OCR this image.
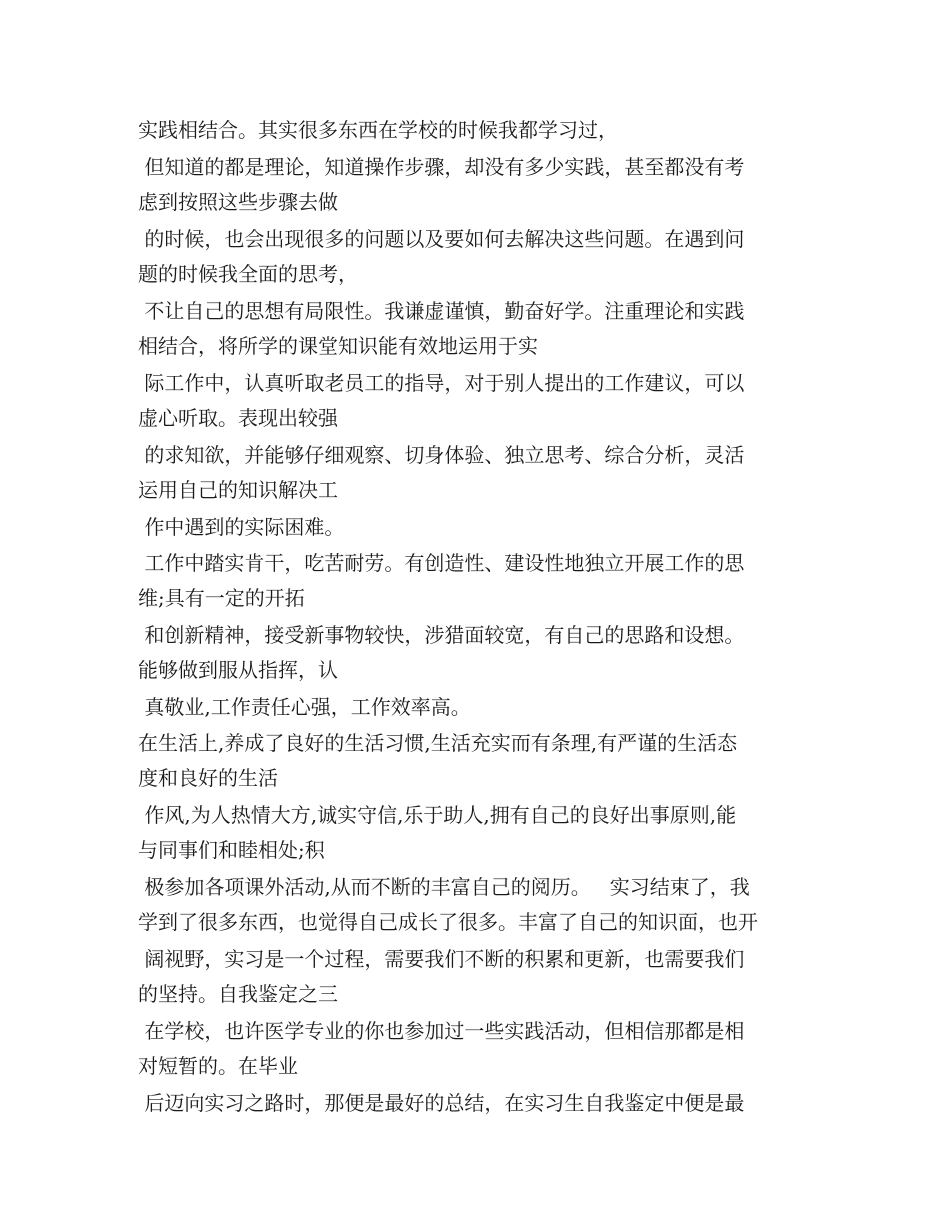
实践相结合。其实很多东西在学校的时候我都学习过，

但知道的都是理论，知道操作步骤，却没有多少实践，甚至都没有考

虑到按照这些步骤去做

的时候，也会出现很多的问题以及要如何去解决这些问题。在遇到问

题的时候我全面的思考，

不让自己的思想有局限性。我谦虚谨慎，勤奋好学。注重理论和实践

相结合，将所学的课堂知识能有效地运用于实

际工作中，认真听取老员工的指导，对于别人提出的工作建议，可以

虚心听取。表现出较强

的求知欲，并能够仔细观察、切身体验、独立思考、综合分析，灵活

运用自己的知识解决工

作中遇到的实际困难。

工作中踏实肯干，吃苦耐劳。有创造性、建设性地独立开展工作的思

维;具有一定的开拓

和创新精神，接受新事物较快，涉猎面较宽，有自己的思路和设想。

能够做到服从指挥，认

真敬业,工作责任心强，工作效率高。

在生活上,养成了良好的生活习惯,生活充实而有条理,有严谨的生活态

度和良好的生活

作风,为人热情大方,诚实守信,乐于助人,拥有自己的良好出事原则,能

与同事们和睦相处;积

极参加各项课外活动,从而不断的丰富自己的阅历。   实习结束了，我

学到了很多东西，也觉得自己成长了很多。丰富了自己的知识面，也开

阔视野，实习是一个过程，需要我们不断的积累和更新，也需要我们

的坚持。自我鉴定之三

在学校，也许医学专业的你也参加过一些实践活动，但相信那都是相

对短暂的。在毕业

后迈向实习之路时，那便是最好的总结，在实习生自我鉴定中便是最
